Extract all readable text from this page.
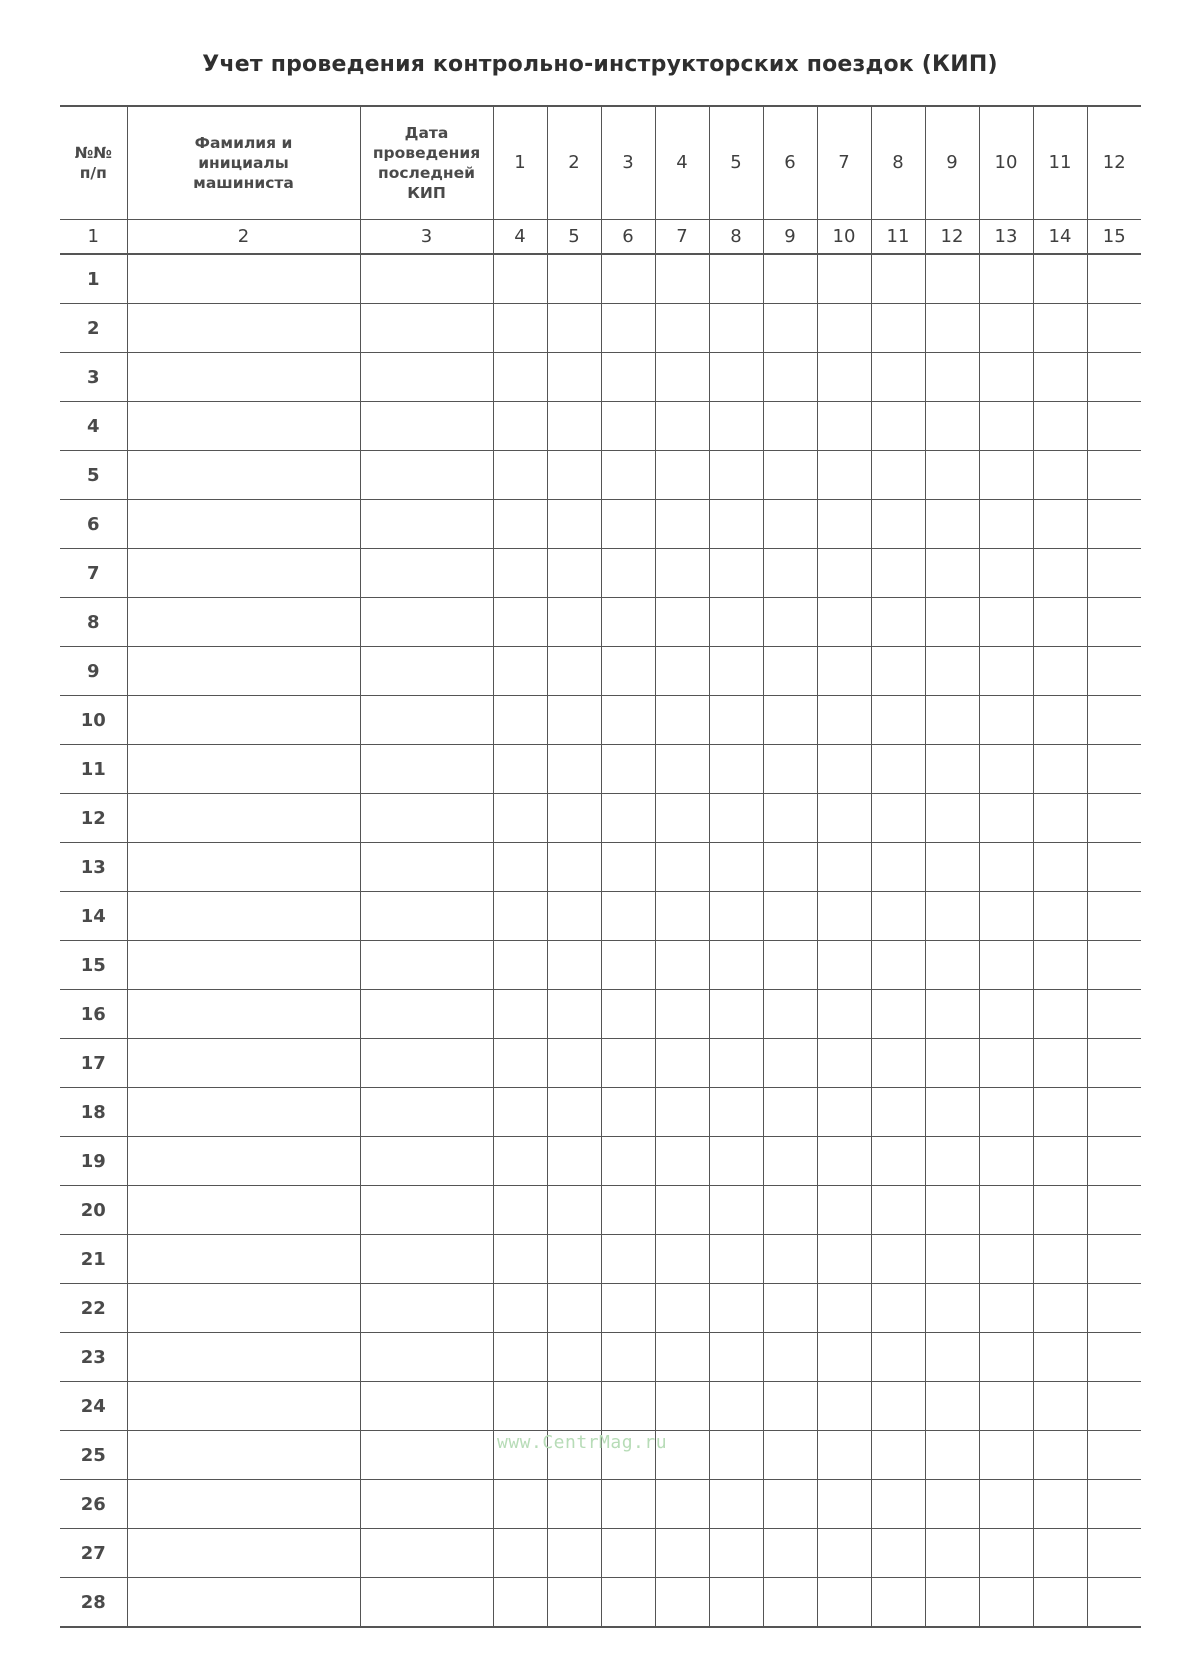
Учет проведения контрольно-инструкторских поездок (КИП)
№№
п/п	Фамилия и
инициалы
машиниста	Дата
проведения
последней
КИП	1	2	3	4	5	6	7	8	9	10	11	12
1	2	3	4	5	6	7	8	9	10	11	12	13	14	15
1														
2														
3														
4														
5														
6														
7														
8														
9														
10														
11														
12														
13														
14														
15														
16														
17														
18														
19														
20														
21														
22														
23														
24														
25														
26														
27														
28														
www.CentrMag.ru
